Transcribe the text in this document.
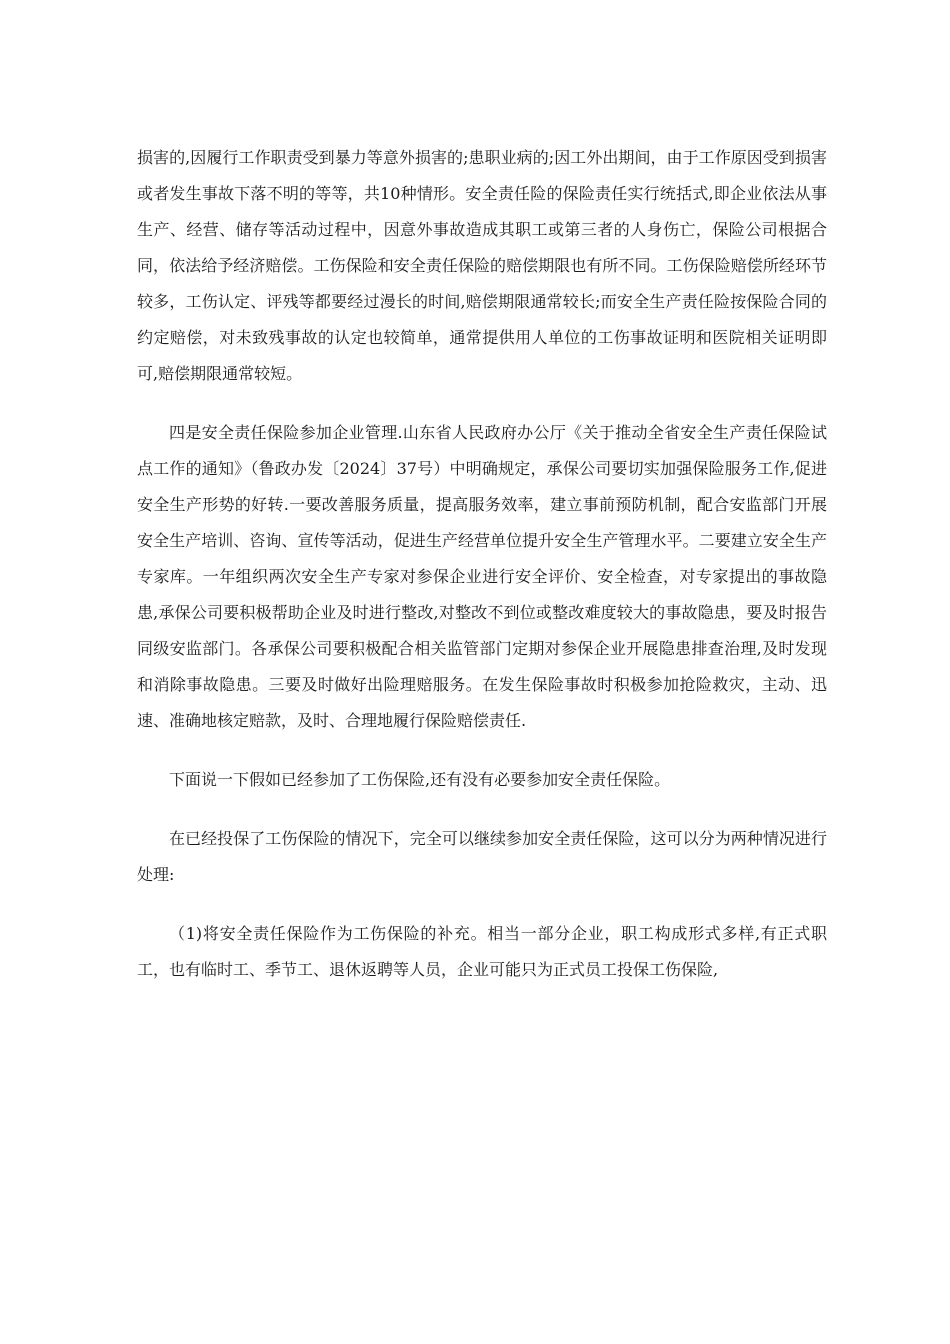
损害的,因履行工作职责受到暴力等意外损害的;患职业病的;因工外出期间，由于工作原因受到损害或者发生事故下落不明的等等，共10种情形。安全责任险的保险责任实行统括式,即企业依法从事生产、经营、储存等活动过程中，因意外事故造成其职工或第三者的人身伤亡，保险公司根据合同，依法给予经济赔偿。工伤保险和安全责任保险的赔偿期限也有所不同。工伤保险赔偿所经环节较多，工伤认定、评残等都要经过漫长的时间,赔偿期限通常较长;而安全生产责任险按保险合同的约定赔偿，对未致残事故的认定也较简单，通常提供用人单位的工伤事故证明和医院相关证明即可,赔偿期限通常较短。

四是安全责任保险参加企业管理.山东省人民政府办公厅《关于推动全省安全生产责任保险试点工作的通知》（鲁政办发〔2024〕37号）中明确规定，承保公司要切实加强保险服务工作,促进安全生产形势的好转.一要改善服务质量，提高服务效率，建立事前预防机制，配合安监部门开展安全生产培训、咨询、宣传等活动，促进生产经营单位提升安全生产管理水平。二要建立安全生产专家库。一年组织两次安全生产专家对参保企业进行安全评价、安全检查，对专家提出的事故隐患,承保公司要积极帮助企业及时进行整改,对整改不到位或整改难度较大的事故隐患，要及时报告同级安监部门。各承保公司要积极配合相关监管部门定期对参保企业开展隐患排查治理,及时发现和消除事故隐患。三要及时做好出险理赔服务。在发生保险事故时积极参加抢险救灾，主动、迅速、准确地核定赔款，及时、合理地履行保险赔偿责任.

下面说一下假如已经参加了工伤保险,还有没有必要参加安全责任保险。

在已经投保了工伤保险的情况下，完全可以继续参加安全责任保险，这可以分为两种情况进行处理:

（1)将安全责任保险作为工伤保险的补充。相当一部分企业，职工构成形式多样,有正式职工，也有临时工、季节工、退休返聘等人员，企业可能只为正式员工投保工伤保险,
